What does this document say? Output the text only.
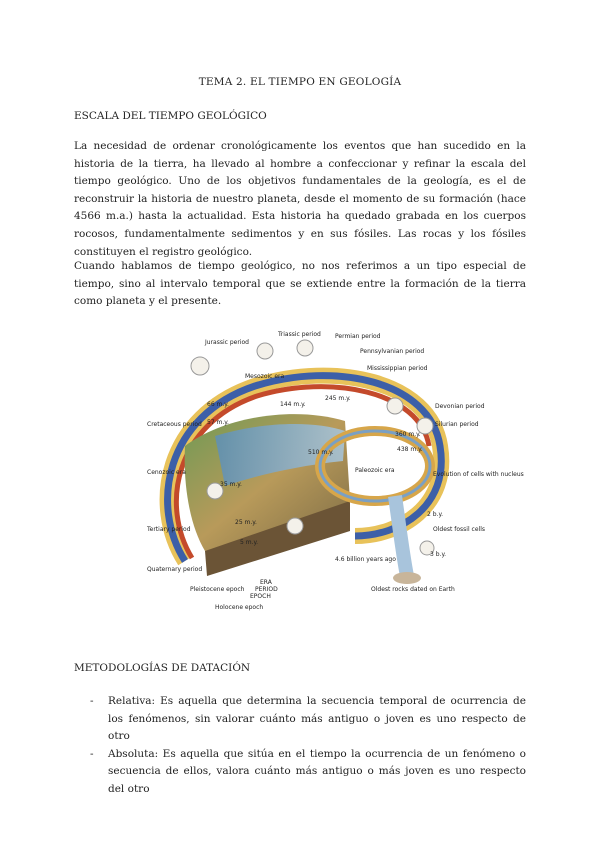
TEMA 2. EL TIEMPO EN GEOLOGÍA
ESCALA DEL TIEMPO GEOLÓGICO

La necesidad de ordenar cronológicamente los eventos que han sucedido en la historia de la tierra, ha llevado al hombre a confeccionar y refinar la escala del tiempo geológico. Uno de los objetivos fundamentales de la geología, es el de reconstruir la historia de nuestro planeta, desde el momento de su formación (hace 4566 m.a.) hasta la actualidad. Esta historia ha quedado grabada en los cuerpos rocosos, fundamentalmente sedimentos y en sus fósiles. Las rocas y los fósiles constituyen el registro geológico.

Cuando hablamos de tiempo geológico, no nos referimos a un tipo especial de tiempo, sino al intervalo temporal que se extiende entre la formación de la tierra como planeta y el presente.

Jurassic period
Triassic period Permian period
Pennsylvanian period
Mississippian period
Devonian period
Silurian period
Evolution of cells with nucleus
2 b.y.
Oldest fossil cells
3 b.y.
4.6 billion years ago
Oldest rocks dated on Earth
ERA
PERIOD
EPOCH
Pleistocene epoch
Holocene epoch
Cretaceous period
Cenozoic era
Mesozoic era
Paleozoic era
Tertiary period
Quaternary period
66 m.y.
57 m.y.
35 m.y.
25 m.y.
5 m.y.
510 m.y.
144 m.y.
245 m.y.
360 m.y.
438 m.y.
METODOLOGÍAS DE DATACIÓN
- Relativa: Es aquella que determina la secuencia temporal de ocurrencia de los fenómenos, sin valorar cuánto más antiguo o joven es uno respecto de otro
- Absoluta: Es aquella que sitúa en el tiempo la ocurrencia de un fenómeno o secuencia de ellos, valora cuánto más antiguo o más joven es uno respecto del otro
